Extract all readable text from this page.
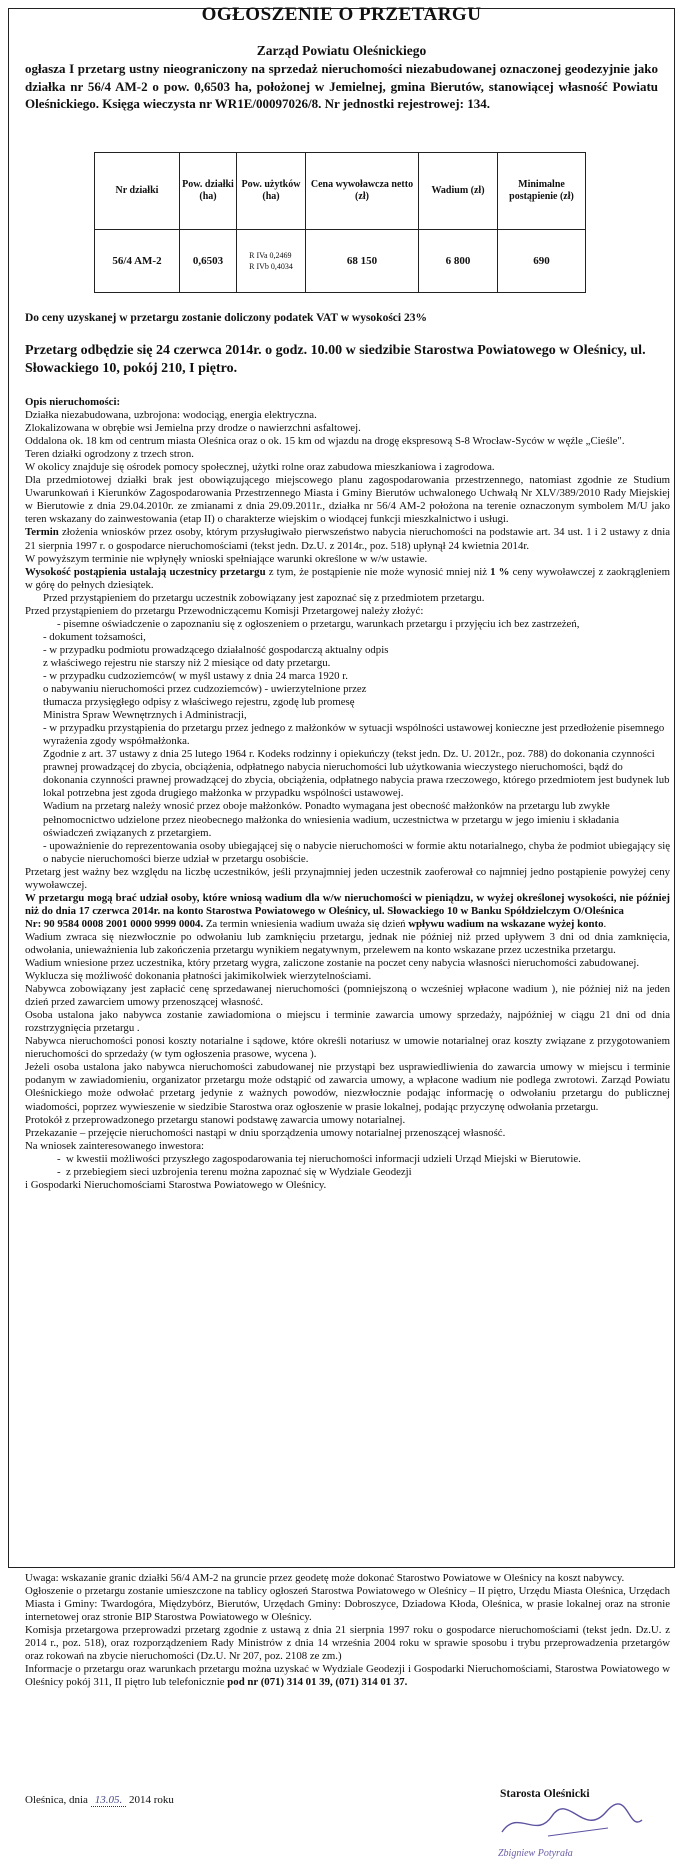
OGŁOSZENIE O PRZETARGU
Zarząd Powiatu Oleśnickiego
ogłasza I przetarg ustny nieograniczony na sprzedaż nieruchomości niezabudowanej oznaczonej geodezyjnie jako działka nr 56/4 AM-2 o pow. 0,6503 ha, położonej w Jemielnej, gmina Bierutów, stanowiącej własność Powiatu Oleśnickiego. Księga wieczysta nr WR1E/00097026/8. Nr jednostki rejestrowej: 134.
Nr działki	Pow. działki (ha)	Pow. użytków (ha)	Cena wywoławcza netto (zł)	Wadium (zł)	Minimalne postąpienie (zł)
56/4 AM-2	0,6503	R IVa 0,2469
R IVb 0,4034	68 150	6 800	690
Do ceny uzyskanej w przetargu zostanie doliczony podatek VAT w wysokości 23%
Przetarg odbędzie się 24 czerwca 2014r. o godz. 10.00 w siedzibie Starostwa Powiatowego w Oleśnicy, ul. Słowackiego 10, pokój 210, I piętro.

Opis nieruchomości:

Działka niezabudowana, uzbrojona: wodociąg, energia elektryczna.

Zlokalizowana w obrębie wsi Jemielna przy drodze o nawierzchni asfaltowej.

Oddalona ok. 18 km od centrum miasta Oleśnica oraz o ok. 15 km od wjazdu na drogę ekspresową S-8 Wrocław-Syców w węźle „Cieśle".

Teren działki ogrodzony z trzech stron.

W okolicy znajduje się ośrodek pomocy społecznej, użytki rolne oraz zabudowa mieszkaniowa i zagrodowa.

Dla przedmiotowej działki brak jest obowiązującego miejscowego planu zagospodarowania przestrzennego, natomiast zgodnie ze Studium Uwarunkowań i Kierunków Zagospodarowania Przestrzennego Miasta i Gminy Bierutów uchwalonego Uchwałą Nr XLV/389/2010 Rady Miejskiej w Bierutowie z dnia 29.04.2010r. ze zmianami z dnia 29.09.2011r., działka nr 56/4 AM-2 położona na terenie oznaczonym symbolem M/U jako teren wskazany do zainwestowania (etap II) o charakterze wiejskim o wiodącej funkcji mieszkalnictwo i usługi.

Termin złożenia wniosków przez osoby, którym przysługiwało pierwszeństwo nabycia nieruchomości na podstawie art. 34 ust. 1 i 2 ustawy z dnia 21 sierpnia 1997 r. o gospodarce nieruchomościami (tekst jedn. Dz.U. z 2014r., poz. 518) upłynął 24 kwietnia 2014r.

W powyższym terminie nie wpłynęły wnioski spełniające warunki określone w w/w ustawie.

Wysokość postąpienia ustalają uczestnicy przetargu z tym, że postąpienie nie może wynosić mniej niż 1 % ceny wywoławczej z zaokrągleniem w górę do pełnych dziesiątek.

Przed przystąpieniem do przetargu uczestnik zobowiązany jest zapoznać się z przedmiotem przetargu.

Przed przystąpieniem do przetargu Przewodniczącemu Komisji Przetargowej należy złożyć:

- pisemne oświadczenie o zapoznaniu się z ogłoszeniem o przetargu, warunkach przetargu i przyjęciu ich bez zastrzeżeń,

- dokument tożsamości,

- w przypadku podmiotu prowadzącego działalność gospodarczą aktualny odpis

z właściwego rejestru nie starszy niż 2 miesiące od daty przetargu.

- w przypadku cudzoziemców( w myśl ustawy z dnia 24 marca 1920 r.

o nabywaniu nieruchomości przez cudzoziemców) - uwierzytelnione przez

tłumacza przysięgłego odpisy z właściwego rejestru, zgodę lub promesę

Ministra Spraw Wewnętrznych i Administracji,

- w przypadku przystąpienia do przetargu przez jednego z małżonków w sytuacji wspólności ustawowej konieczne jest przedłożenie pisemnego wyrażenia zgody współmałżonka.

Zgodnie z art. 37 ustawy z dnia 25 lutego 1964 r. Kodeks rodzinny i opiekuńczy (tekst jedn. Dz. U. 2012r., poz. 788) do dokonania czynności prawnej prowadzącej do zbycia, obciążenia, odpłatnego nabycia nieruchomości lub użytkowania wieczystego nieruchomości, bądź do dokonania czynności prawnej prowadzącej do zbycia, obciążenia, odpłatnego nabycia prawa rzeczowego, którego przedmiotem jest budynek lub lokal potrzebna jest zgoda drugiego małżonka w przypadku wspólności ustawowej.

Wadium na przetarg należy wnosić przez oboje małżonków. Ponadto wymagana jest obecność małżonków na przetargu lub zwykłe pełnomocnictwo udzielone przez nieobecnego małżonka do wniesienia wadium, uczestnictwa w przetargu w jego imieniu i składania oświadczeń związanych z przetargiem.

- upoważnienie do reprezentowania osoby ubiegającej się o nabycie nieruchomości w formie aktu notarialnego, chyba że podmiot ubiegający się o nabycie nieruchomości bierze udział w przetargu osobiście.

Przetarg jest ważny bez względu na liczbę uczestników, jeśli przynajmniej jeden uczestnik zaoferował co najmniej jedno postąpienie powyżej ceny wywoławczej.

W przetargu mogą brać udział osoby, które wniosą wadium dla w/w nieruchomości w pieniądzu, w wyżej określonej wysokości, nie później niż do dnia 17 czerwca 2014r. na konto Starostwa Powiatowego w Oleśnicy, ul. Słowackiego 10 w Banku Spółdzielczym O/Oleśnica

Nr: 90 9584 0008 2001 0000 9999 0004. Za termin wniesienia wadium uważa się dzień wpływu wadium na wskazane wyżej konto.

Wadium zwraca się niezwłocznie po odwołaniu lub zamknięciu przetargu, jednak nie później niż przed upływem 3 dni od dnia zamknięcia, odwołania, unieważnienia lub zakończenia przetargu wynikiem negatywnym, przelewem na konto wskazane przez uczestnika przetargu.

Wadium wniesione przez uczestnika, który przetarg wygra, zaliczone zostanie na poczet ceny nabycia własności nieruchomości zabudowanej.

Wyklucza się możliwość dokonania płatności jakimikolwiek wierzytelnościami.

Nabywca zobowiązany jest zapłacić cenę sprzedawanej nieruchomości (pomniejszoną o wcześniej wpłacone wadium ), nie później niż na jeden dzień przed zawarciem umowy przenoszącej własność.

Osoba ustalona jako nabywca zostanie zawiadomiona o miejscu i terminie zawarcia umowy sprzedaży, najpóźniej w ciągu 21 dni od dnia rozstrzygnięcia przetargu .

Nabywca nieruchomości ponosi koszty notarialne i sądowe, które określi notariusz w umowie notarialnej oraz koszty związane z przygotowaniem nieruchomości do sprzedaży (w tym ogłoszenia prasowe, wycena ).

Jeżeli osoba ustalona jako nabywca nieruchomości zabudowanej nie przystąpi bez usprawiedliwienia do zawarcia umowy w miejscu i terminie podanym w zawiadomieniu, organizator przetargu może odstąpić od zawarcia umowy, a wpłacone wadium nie podlega zwrotowi. Zarząd Powiatu Oleśnickiego może odwołać przetarg jedynie z ważnych powodów, niezwłocznie podając informację o odwołaniu przetargu do publicznej wiadomości, poprzez wywieszenie w siedzibie Starostwa oraz ogłoszenie w prasie lokalnej, podając przyczynę odwołania przetargu.

Protokół z przeprowadzonego przetargu stanowi podstawę zawarcia umowy notarialnej.

Przekazanie – przejęcie nieruchomości nastąpi w dniu sporządzenia umowy notarialnej przenoszącej własność.

Na wniosek zainteresowanego inwestora:

-  w kwestii możliwości przyszłego zagospodarowania tej nieruchomości informacji udzieli Urząd Miejski w Bierutowie.

-  z przebiegiem sieci uzbrojenia terenu można zapoznać się w Wydziale Geodezji

i Gospodarki Nieruchomościami Starostwa Powiatowego w Oleśnicy.

Uwaga: wskazanie granic działki 56/4 AM-2 na gruncie przez geodetę może dokonać Starostwo Powiatowe w Oleśnicy na koszt nabywcy.

Ogłoszenie o przetargu zostanie umieszczone na tablicy ogłoszeń Starostwa Powiatowego w Oleśnicy – II piętro, Urzędu Miasta Oleśnica, Urzędach Miasta i Gminy: Twardogóra, Międzybórz, Bierutów, Urzędach Gminy: Dobroszyce, Dziadowa Kłoda, Oleśnica, w prasie lokalnej oraz na stronie internetowej oraz stronie BIP Starostwa Powiatowego w Oleśnicy.

Komisja przetargowa przeprowadzi przetarg zgodnie z ustawą z dnia 21 sierpnia 1997 roku o gospodarce nieruchomościami (tekst jedn. Dz.U. z 2014 r., poz. 518), oraz rozporządzeniem Rady Ministrów z dnia 14 września 2004 roku w sprawie sposobu i trybu przeprowadzenia przetargów oraz rokowań na zbycie nieruchomości (Dz.U. Nr 207, poz. 2108 ze zm.)

Informacje o przetargu oraz warunkach przetargu można uzyskać w Wydziale Geodezji i Gospodarki Nieruchomościami, Starostwa Powiatowego w Oleśnicy pokój 311, II piętro lub telefonicznie pod nr (071) 314 01 39, (071) 314 01 37.

Oleśnica, dnia 13.05. 2014 roku	Starosta Oleśnicki
Zbigniew Potyrała
